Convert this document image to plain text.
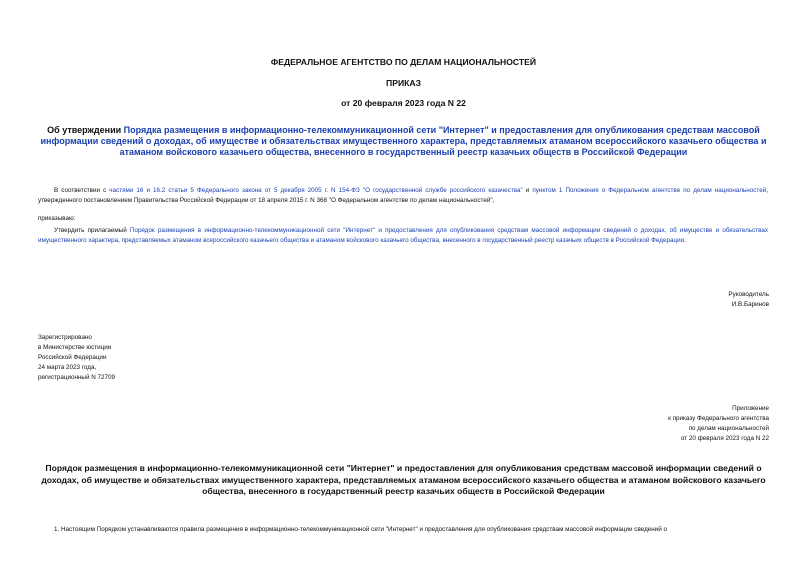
ФЕДЕРАЛЬНОЕ АГЕНТСТВО ПО ДЕЛАМ НАЦИОНАЛЬНОСТЕЙ
ПРИКАЗ
от 20 февраля 2023 года N 22
Об утверждении Порядка размещения в информационно-телекоммуникационной сети "Интернет" и предоставления для опубликования средствам массовой информации сведений о доходах, об имуществе и обязательствах имущественного характера, представляемых атаманом всероссийского казачьего общества и атаманом войскового казачьего общества, внесенного в государственный реестр казачьих обществ в Российской Федерации
В соответствии с частями 16 и 16.2 статьи 5 Федерального закона от 5 декабря 2005 г. N 154-ФЗ "О государственной службе российского казачества" и пунктом 1 Положения о Федеральном агентстве по делам национальностей, утвержденного постановлением Правительства Российской Федерации от 18 апреля 2015 г. N 368 "О Федеральном агентстве по делам национальностей",
приказываю:
Утвердить прилагаемый Порядок размещения в информационно-телекоммуникационной сети "Интернет" и предоставления для опубликования средствам массовой информации сведений о доходах, об имуществе и обязательствах имущественного характера, представляемых атаманом всероссийского казачьего общества и атаманом войскового казачьего общества, внесенного в государственный реестр казачьих обществ в Российской Федерации.
Руководитель
И.В.Баринов
Зарегистрировано
в Министерстве юстиции
Российской Федерации
24 марта 2023 года,
регистрационный N 72709
Приложение
к приказу Федерального агентства
по делам национальностей
от 20 февраля 2023 года N 22
Порядок размещения в информационно-телекоммуникационной сети "Интернет" и предоставления для опубликования средствам массовой информации сведений о доходах, об имуществе и обязательствах имущественного характера, представляемых атаманом всероссийского казачьего общества и атаманом войскового казачьего общества, внесенного в государственный реестр казачьих обществ в Российской Федерации
1. Настоящим Порядком устанавливаются правила размещения в информационно-телекоммуникационной сети "Интернет" и предоставления для опубликования средствам массовой информации сведений о
